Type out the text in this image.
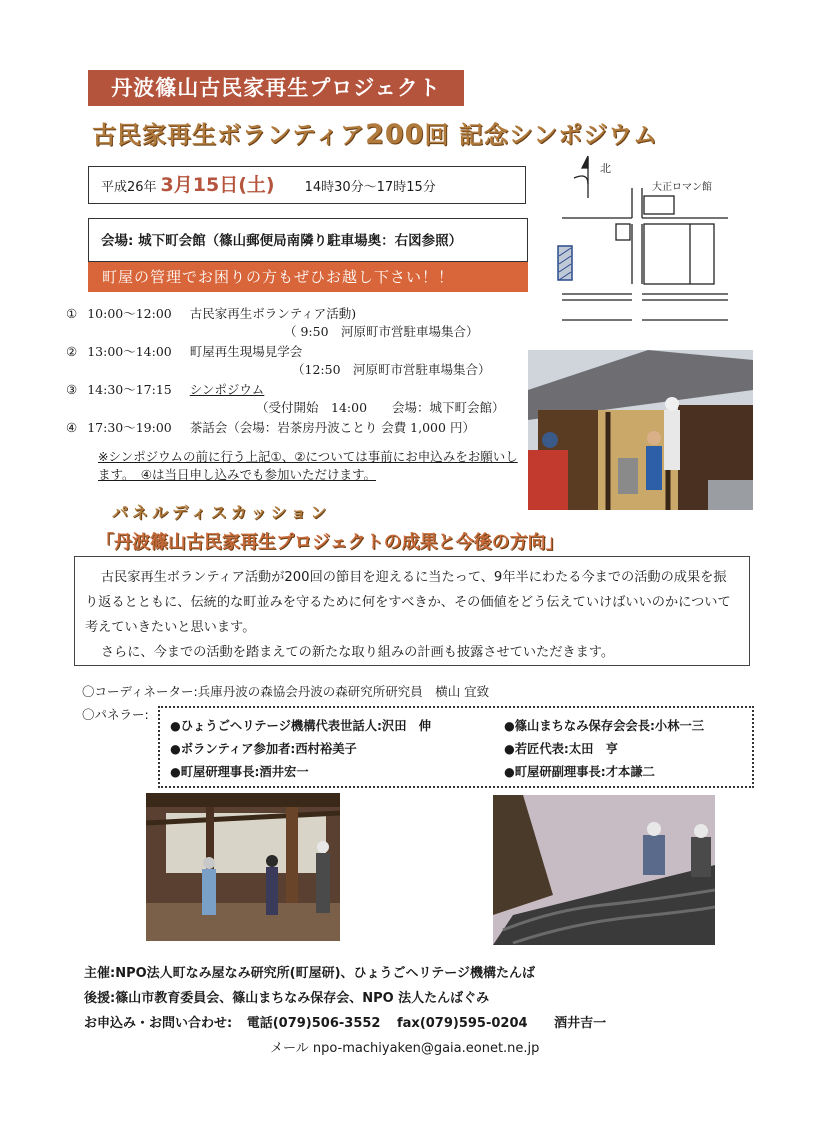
丹波篠山古民家再生プロジェクト
古民家再生ボランティア200回 記念シンポジウム
平成26年 3月15日(土) 14時30分～17時15分
会場: 城下町会館（篠山郵便局南隣り駐車場奥：右図参照）
町屋の管理でお困りの方もぜひお越し下さい！！
北
大正ロマン館
① 10:00～12:00 古民家再生ボランティア活動)
（ 9:50　河原町市営駐車場集合）
② 13:00～14:00 町屋再生現場見学会
（12:50　河原町市営駐車場集合）
③ 14:30～17:15 シンポジウム
（受付開始　14:00　　会場：城下町会館）
④ 17:30～19:00 茶話会（会場：岩茶房丹波ことり 会費 1,000 円）
※シンポジウムの前に行う上記①、②については事前にお申込みをお願いします。　④は当日申し込みでも参加いただけます。
パネルディスカッション
「丹波篠山古民家再生プロジェクトの成果と今後の方向」

古民家再生ボランティア活動が200回の節目を迎えるに当たって、9年半にわたる今までの活動の成果を振り返るとともに、伝統的な町並みを守るために何をすべきか、その価値をどう伝えていけばいいのかについて考えていきたいと思います。

さらに、今までの活動を踏まえての新たな取り組みの計画も披露させていただきます。

〇コーディネーター:兵庫丹波の森協会丹波の森研究所研究員　横山 宜致
〇パネラー:
●ひょうごヘリテージ機構代表世話人:沢田　伸	●篠山まちなみ保存会会長:小林一三
●ボランティア参加者:西村裕美子	●若匠代表:太田　亨
●町屋研理事長:酒井宏一	●町屋研副理事長:才本謙二
主催:NPO法人町なみ屋なみ研究所(町屋研)、ひょうごヘリテージ機構たんば
後援:篠山市教育委員会、篠山まちなみ保存会、NPO 法人たんばぐみ
お申込み・お問い合わせ: 電話(079)506-3552 fax(079)595-0204 酒井吉一
メール npo-machiyaken@gaia.eonet.ne.jp
